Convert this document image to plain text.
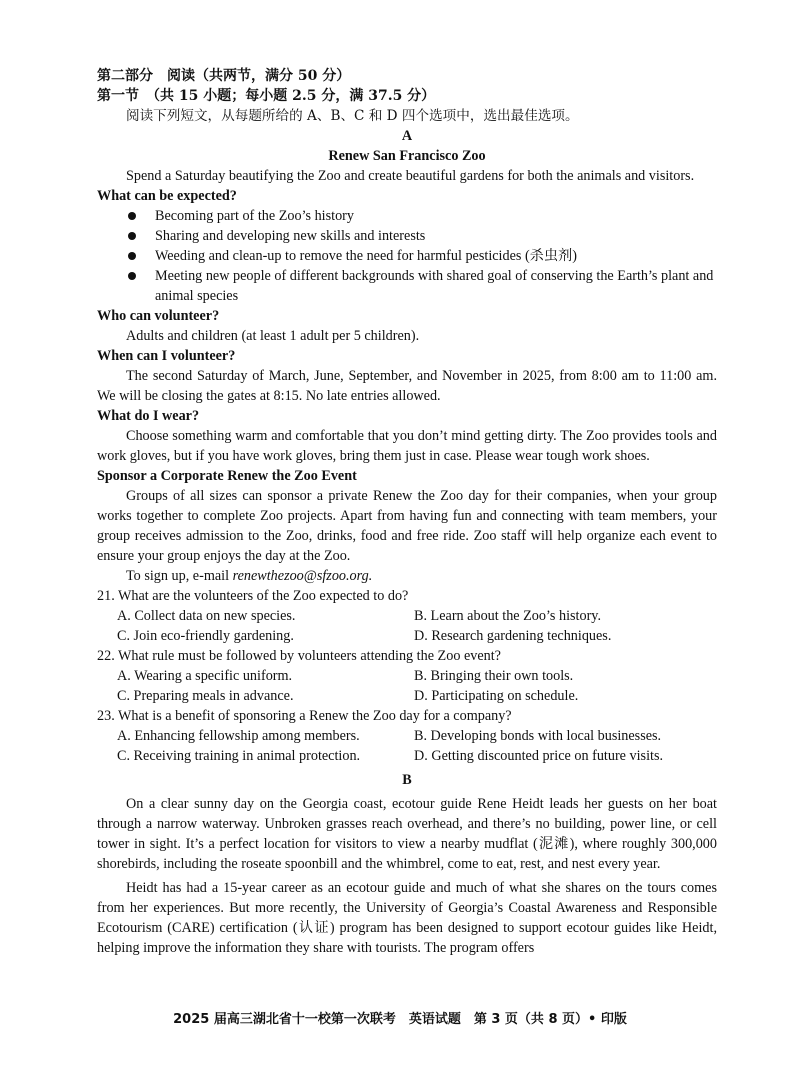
第二部分　阅读（共两节，满分 50 分）

第一节　（共 15 小题；每小题 2.5 分，满 37.5 分）

阅读下列短文，从每题所给的 A、B、C 和 D 四个选项中，选出最佳选项。

A

Renew San Francisco Zoo

Spend a Saturday beautifying the Zoo and create beautiful gardens for both the animals and visitors.

What can be expected?

Becoming part of the Zoo’s history
Sharing and developing new skills and interests
Weeding and clean-up to remove the need for harmful pesticides (杀虫剂)
Meeting new people of different backgrounds with shared goal of conserving the Earth’s plant and animal species

Who can volunteer?

Adults and children (at least 1 adult per 5 children).

When can I volunteer?

The second Saturday of March, June, September, and November in 2025, from 8:00 am to 11:00 am. We will be closing the gates at 8:15. No late entries allowed.

What do I wear?

Choose something warm and comfortable that you don’t mind getting dirty. The Zoo provides tools and work gloves, but if you have work gloves, bring them just in case. Please wear tough work shoes.

Sponsor a Corporate Renew the Zoo Event

Groups of all sizes can sponsor a private Renew the Zoo day for their companies, when your group works together to complete Zoo projects. Apart from having fun and connecting with team members, your group receives admission to the Zoo, drinks, food and free ride. Zoo staff will help organize each event to ensure your group enjoys the day at the Zoo.

To sign up, e-mail renewthezoo@sfzoo.org.

21. What are the volunteers of the Zoo expected to do?

A. Collect data on new species.	B. Learn about the Zoo’s history.
C. Join eco-friendly gardening.	D. Research gardening techniques.

22. What rule must be followed by volunteers attending the Zoo event?

A. Wearing a specific uniform.	B. Bringing their own tools.
C. Preparing meals in advance.	D. Participating on schedule.

23. What is a benefit of sponsoring a Renew the Zoo day for a company?

A. Enhancing fellowship among members.	B. Developing bonds with local businesses.
C. Receiving training in animal protection.	D. Getting discounted price on future visits.

B

On a clear sunny day on the Georgia coast, ecotour guide Rene Heidt leads her guests on her boat through a narrow waterway. Unbroken grasses reach overhead, and there’s no building, power line, or cell tower in sight. It’s a perfect location for visitors to view a nearby mudflat (泥滩), where roughly 300,000 shorebirds, including the roseate spoonbill and the whimbrel, come to eat, rest, and nest every year.

Heidt has had a 15-year career as an ecotour guide and much of what she shares on the tours comes from her experiences. But more recently, the University of Georgia’s Coastal Awareness and Responsible Ecotourism (CARE) certification (认证) program has been designed to support ecotour guides like Heidt, helping improve the information they share with tourists. The program offers

2025 届高三湖北省十一校第一次联考　英语试题　第 3 页（共 8 页）• 印版
